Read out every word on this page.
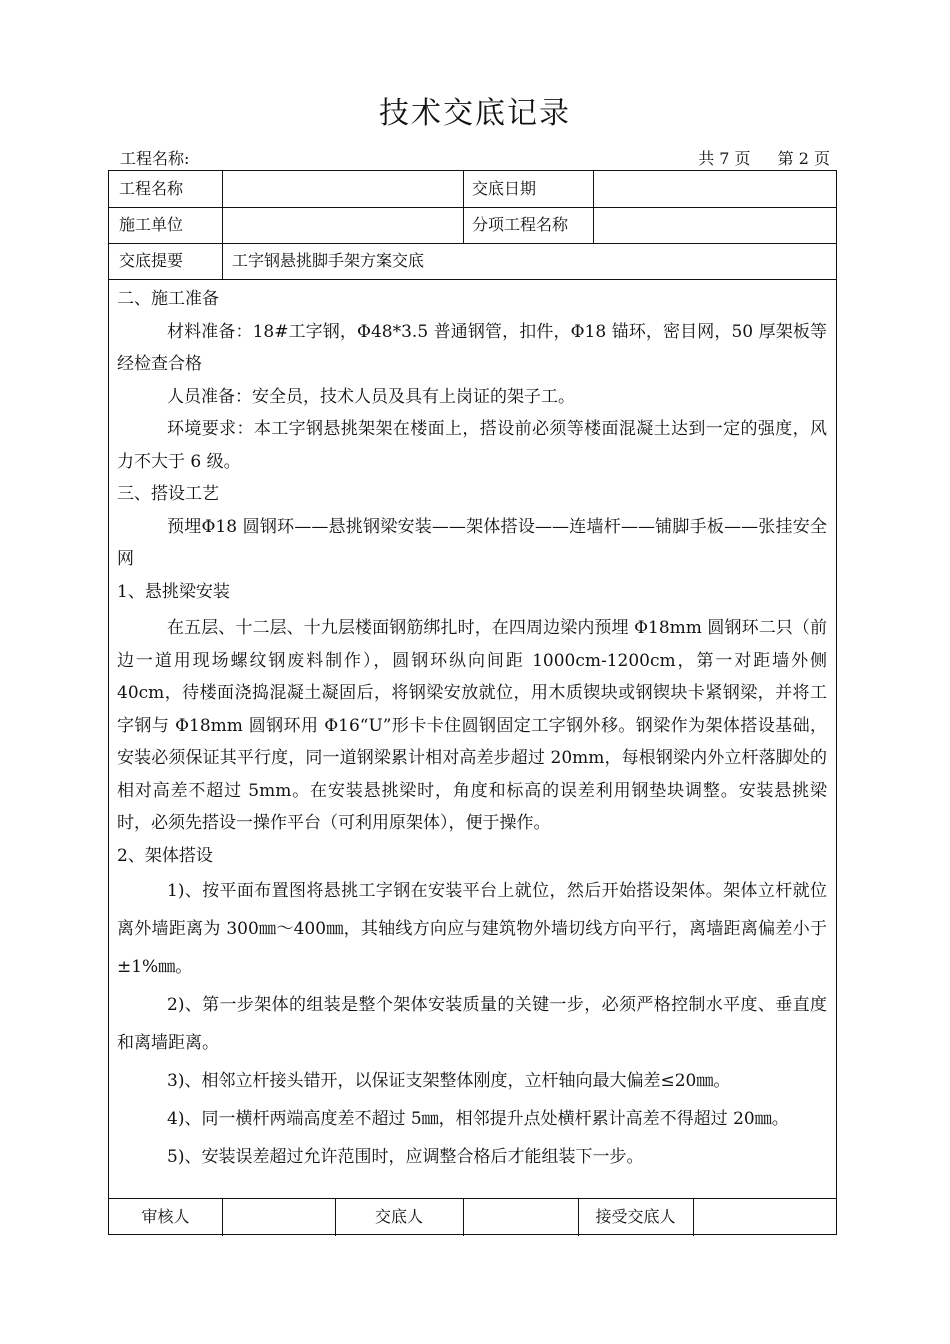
技术交底记录
工程名称:	共 7 页 第 2 页
工程名称	交底日期
施工单位	分项工程名称
交底提要	工字钢悬挑脚手架方案交底

二、施工准备

材料准备：18#工字钢，Φ48*3.5 普通钢管，扣件，Φ18 锚环，密目网，50 厚架板等经检查合格

人员准备：安全员，技术人员及具有上岗证的架子工。

环境要求：本工字钢悬挑架架在楼面上，搭设前必须等楼面混凝土达到一定的强度，风力不大于 6 级。

三、搭设工艺

预埋Φ18 圆钢环——悬挑钢梁安装——架体搭设——连墙杆——铺脚手板——张挂安全网

1、悬挑梁安装

在五层、十二层、十九层楼面钢筋绑扎时，在四周边梁内预埋 Φ18mm 圆钢环二只（前边一道用现场螺纹钢废料制作），圆钢环纵向间距 1000cm-1200cm，第一对距墙外侧 40cm，待楼面浇捣混凝土凝固后，将钢梁安放就位，用木质锲块或钢锲块卡紧钢梁，并将工字钢与 Φ18mm 圆钢环用 Φ16“U”形卡卡住圆钢固定工字钢外移。钢梁作为架体搭设基础，安装必须保证其平行度，同一道钢梁累计相对高差步超过 20mm，每根钢梁内外立杆落脚处的相对高差不超过 5mm。在安装悬挑梁时，角度和标高的误差利用钢垫块调整。安装悬挑梁时，必须先搭设一操作平台（可利用原架体），便于操作。

2、架体搭设

1)、按平面布置图将悬挑工字钢在安装平台上就位，然后开始搭设架体。架体立杆就位离外墙距离为 300㎜～400㎜，其轴线方向应与建筑物外墙切线方向平行，离墙距离偏差小于±1%㎜。

2)、第一步架体的组装是整个架体安装质量的关键一步，必须严格控制水平度、垂直度和离墙距离。

3)、相邻立杆接头错开，以保证支架整体刚度，立杆轴向最大偏差≤20㎜。

4)、同一横杆两端高度差不超过 5㎜，相邻提升点处横杆累计高差不得超过 20㎜。

5)、安装误差超过允许范围时，应调整合格后才能组装下一步。

审核人	交底人	接受交底人
